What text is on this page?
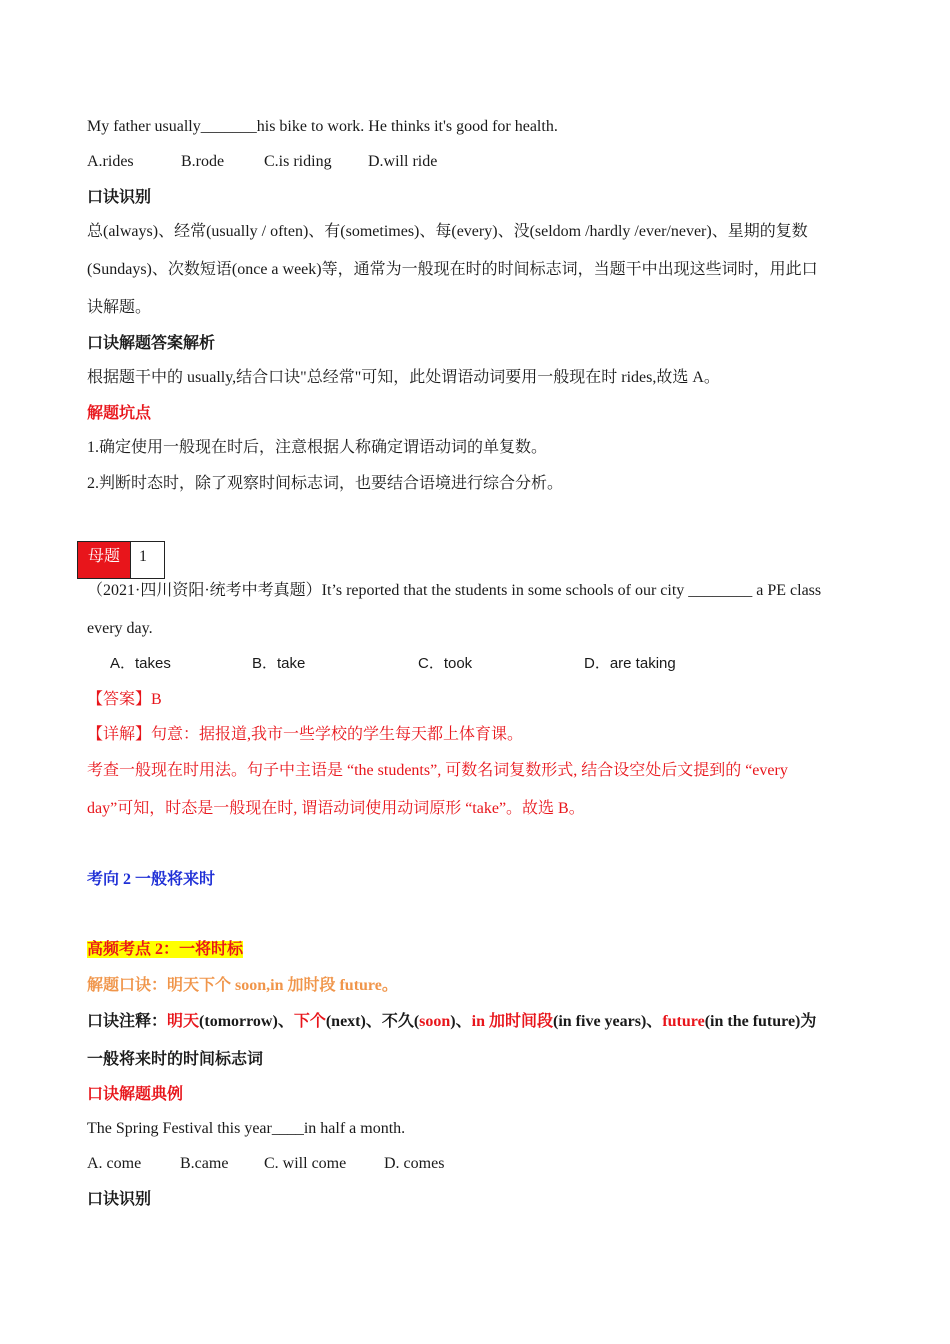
My father usually_______his bike to work. He thinks it's good for health.
A.rides	B.rode C.is riding D.will ride
口诀识别
总(always)、经常(usually / often)、有(sometimes)、每(every)、没(seldom /hardly /ever/never)、星期的复数
(Sundays)、次数短语(once a week)等，通常为一般现在时的时间标志词，当题干中出现这些词时，用此口
诀解题。
口诀解题答案解析
根据题干中的 usually,结合口诀"总经常"可知，此处谓语动词要用一般现在时 rides,故选 A。
解题坑点
1.确定使用一般现在时后，注意根据人称确定谓语动词的单复数。
2.判断时态时，除了观察时间标志词，也要结合语境进行综合分析。
母题	1
（2021·四川资阳·统考中考真题）It’s reported that the students in some schools of our city ________ a PE class
every day.
A．takes	B．take	C．took	D．are taking
【答案】B
【详解】句意：据报道,我市一些学校的学生每天都上体育课。
考查一般现在时用法。句子中主语是 “the students”, 可数名词复数形式, 结合设空处后文提到的 “every
day”可知，时态是一般现在时, 谓语动词使用动词原形 “take”。故选 B。
考向 2 一般将来时
高频考点 2：一将时标
解题口诀：明天下个 soon,in 加时段 future。
口诀注释：明天(tomorrow)、下个(next)、不久(soon)、in 加时间段(in five years)、future(in the future)为
一般将来时的时间标志词
口诀解题典例
The Spring Festival this year____in half a month.
A. come B.came C. will come D. comes
口诀识别
